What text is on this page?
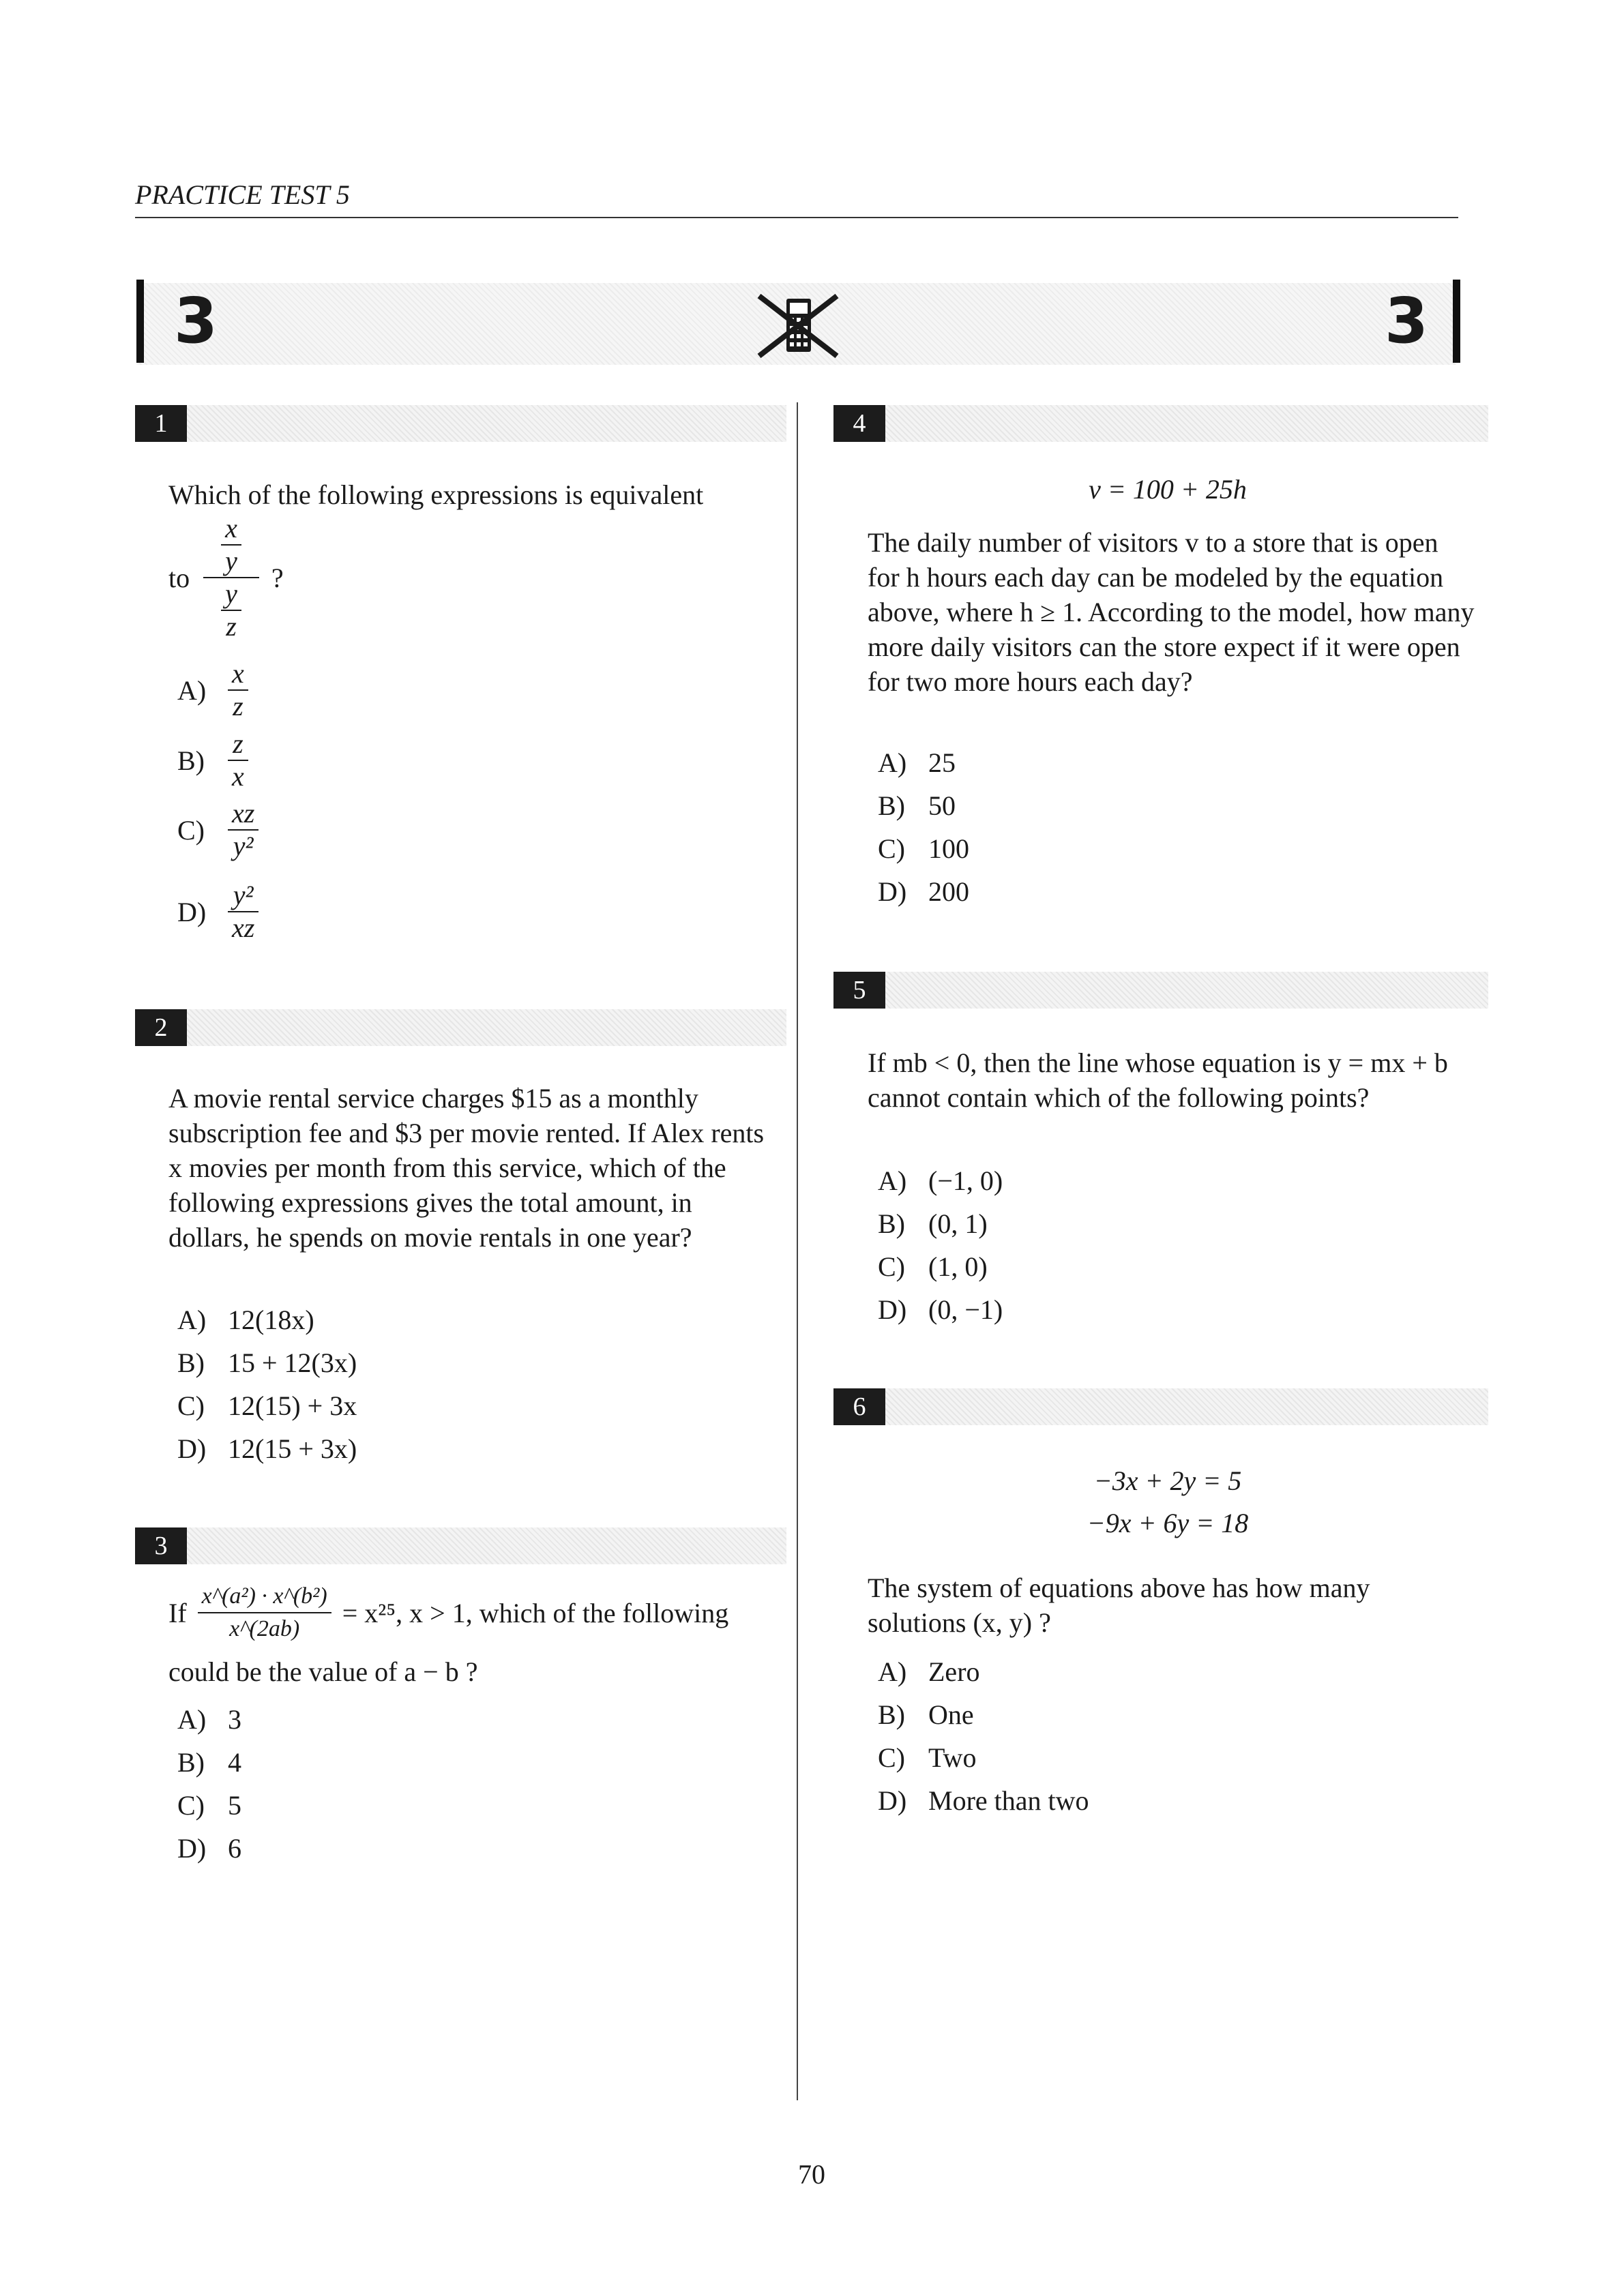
PRACTICE TEST 5
3	3
1
Which of the following expressions is equivalent
to $\frac{\frac{x}{y}}{\frac{y}{z}}$ ?
$A) \frac{x}{z}$
$B) \frac{z}{x}$
$C) \frac{xz}{\text{y²}}$
$D) \frac{\text{y²}}{xz}$
2
A movie rental service charges $15 as a monthly subscription fee and $3 per movie rented. If Alex rents x movies per month from this service, which of the following expressions gives the total amount, in dollars, he spends on movie rentals in one year?
A) 12(18x)
B) 15 + 12(3x)
C) 12(15) + 3x
D) 12(15 + 3x)
3
If $\frac{\text{x\textasciicircum{}(a²) · x\textasciicircum{}(b²)}}{x\^{}(2ab)} = x^{25}$, x > 1, which of the following
could be the value of a − b ?
A) 3
B) 4
C) 5
D) 6
4
v = 100 + 25h
The daily number of visitors v to a store that is open for h hours each day can be modeled by the equation above, where h ≥ 1. According to the model, how many more daily visitors can the store expect if it were open for two more hours each day?
A) 25
B) 50
C) 100
D) 200
5
If mb < 0, then the line whose equation is y = mx + b cannot contain which of the following points?
A) (−1, 0)
B) (0, 1)
C) (1, 0)
D) (0, −1)
6
−3x + 2y = 5
−9x + 6y = 18
The system of equations above has how many solutions (x, y) ?
A) Zero
B) One
C) Two
D) More than two
70
